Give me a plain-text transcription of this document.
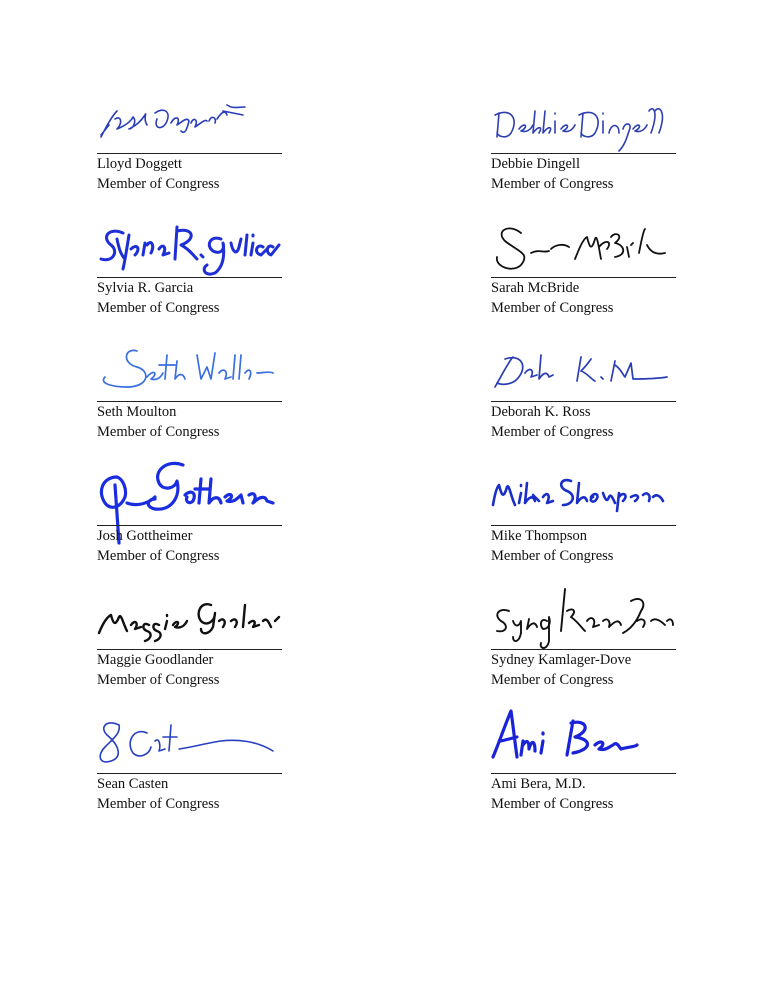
Lloyd Doggett
Member of Congress
Debbie Dingell
Member of Congress
Sylvia R. Garcia
Member of Congress
Sarah McBride
Member of Congress
Seth Moulton
Member of Congress
Deborah K. Ross
Member of Congress
Josh Gottheimer
Member of Congress
Mike Thompson
Member of Congress
Maggie Goodlander
Member of Congress
Sydney Kamlager-Dove
Member of Congress
Sean Casten
Member of Congress
Ami Bera, M.D.
Member of Congress
